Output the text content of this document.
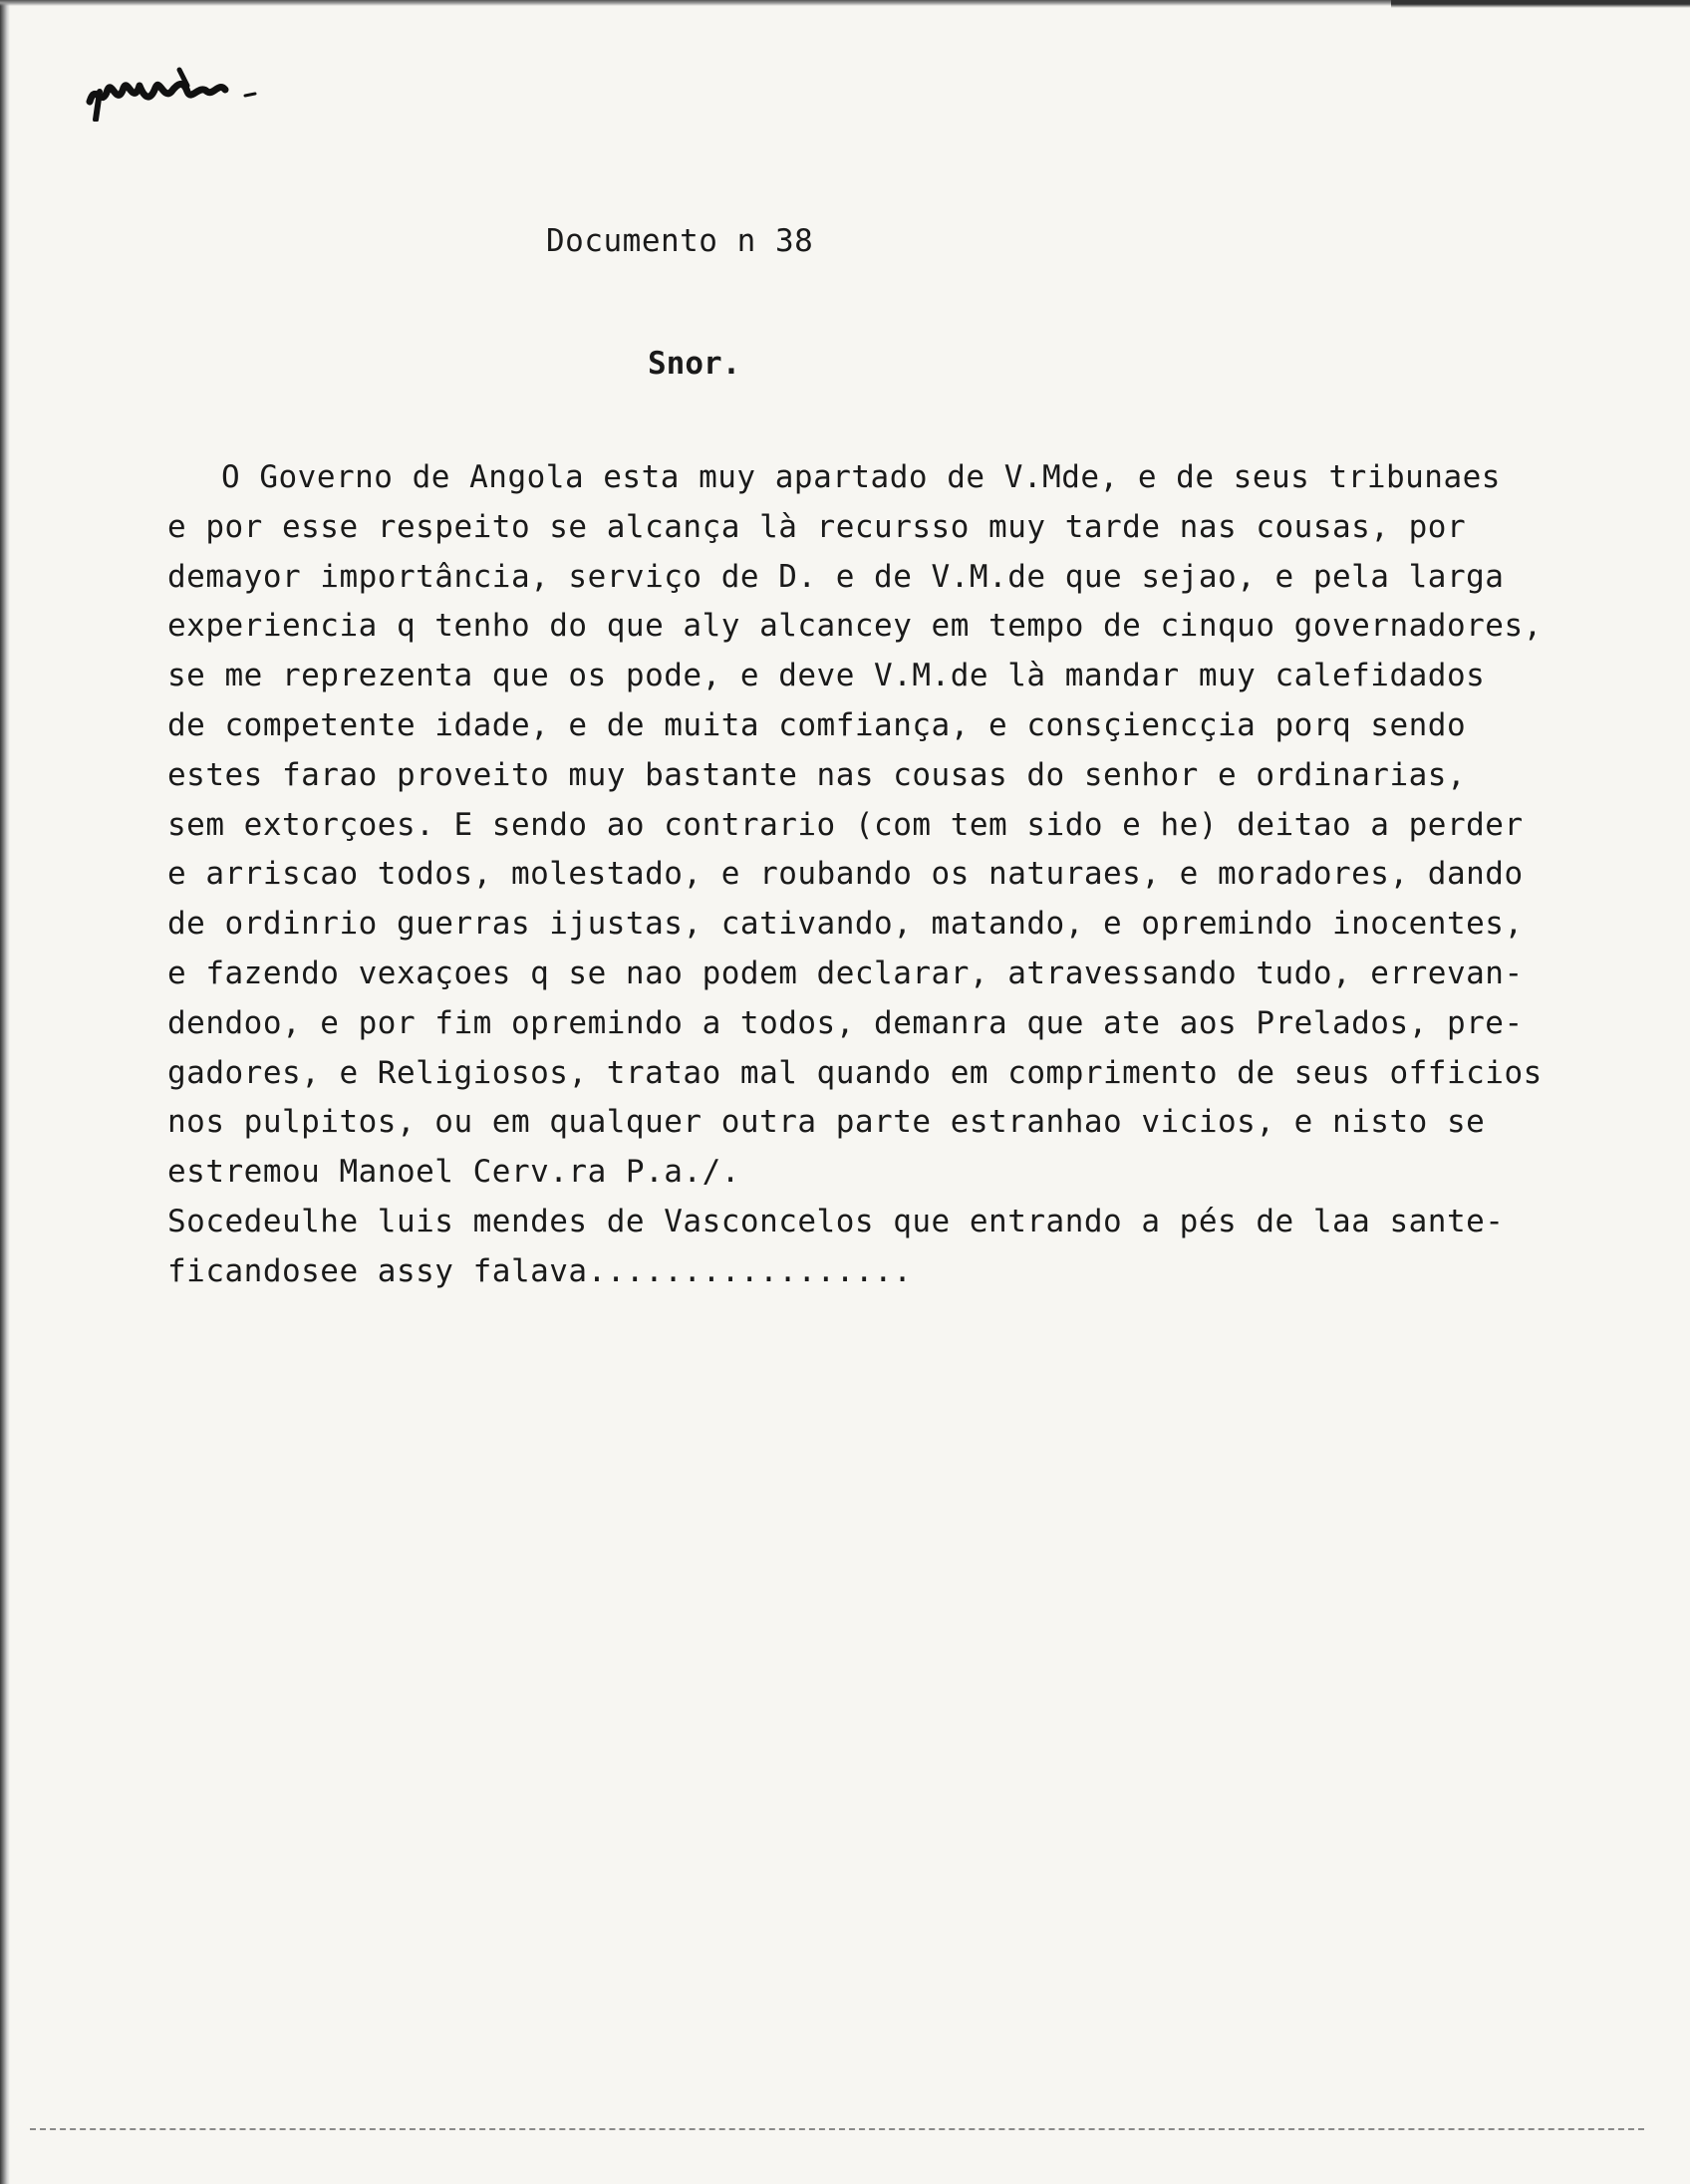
Documento n 38
Snor.
O Governo de Angola esta muy apartado de V.Mde, e de seus tribunaes
e por esse respeito se alcança là recursso muy tarde nas cousas, por
demayor importância, serviço de D. e de V.M.de que sejao, e pela larga
experiencia q tenho do que aly alcancey em tempo de cinquo governadores,
se me reprezenta que os pode, e deve V.M.de là mandar muy calefidados
de competente idade, e de muita comfiança, e consçiencçia porq sendo
estes farao proveito muy bastante nas cousas do senhor e ordinarias,
sem extorçoes. E sendo ao contrario (com tem sido e he) deitao a perder
e arriscao todos, molestado, e roubando os naturaes, e moradores, dando
de ordinrio guerras ijustas, cativando, matando, e opremindo inocentes,
e fazendo vexaçoes q se nao podem declarar, atravessando tudo, errevan-
dendoo, e por fim opremindo a todos, demanra que ate aos Prelados, pre-
gadores, e Religiosos, tratao mal quando em comprimento de seus officios
nos pulpitos, ou em qualquer outra parte estranhao vicios, e nisto se
estremou Manoel Cerv.ra P.a./.
Socedeulhe luis mendes de Vasconcelos que entrando a pés de laa sante-
ficandosee assy falava.................
